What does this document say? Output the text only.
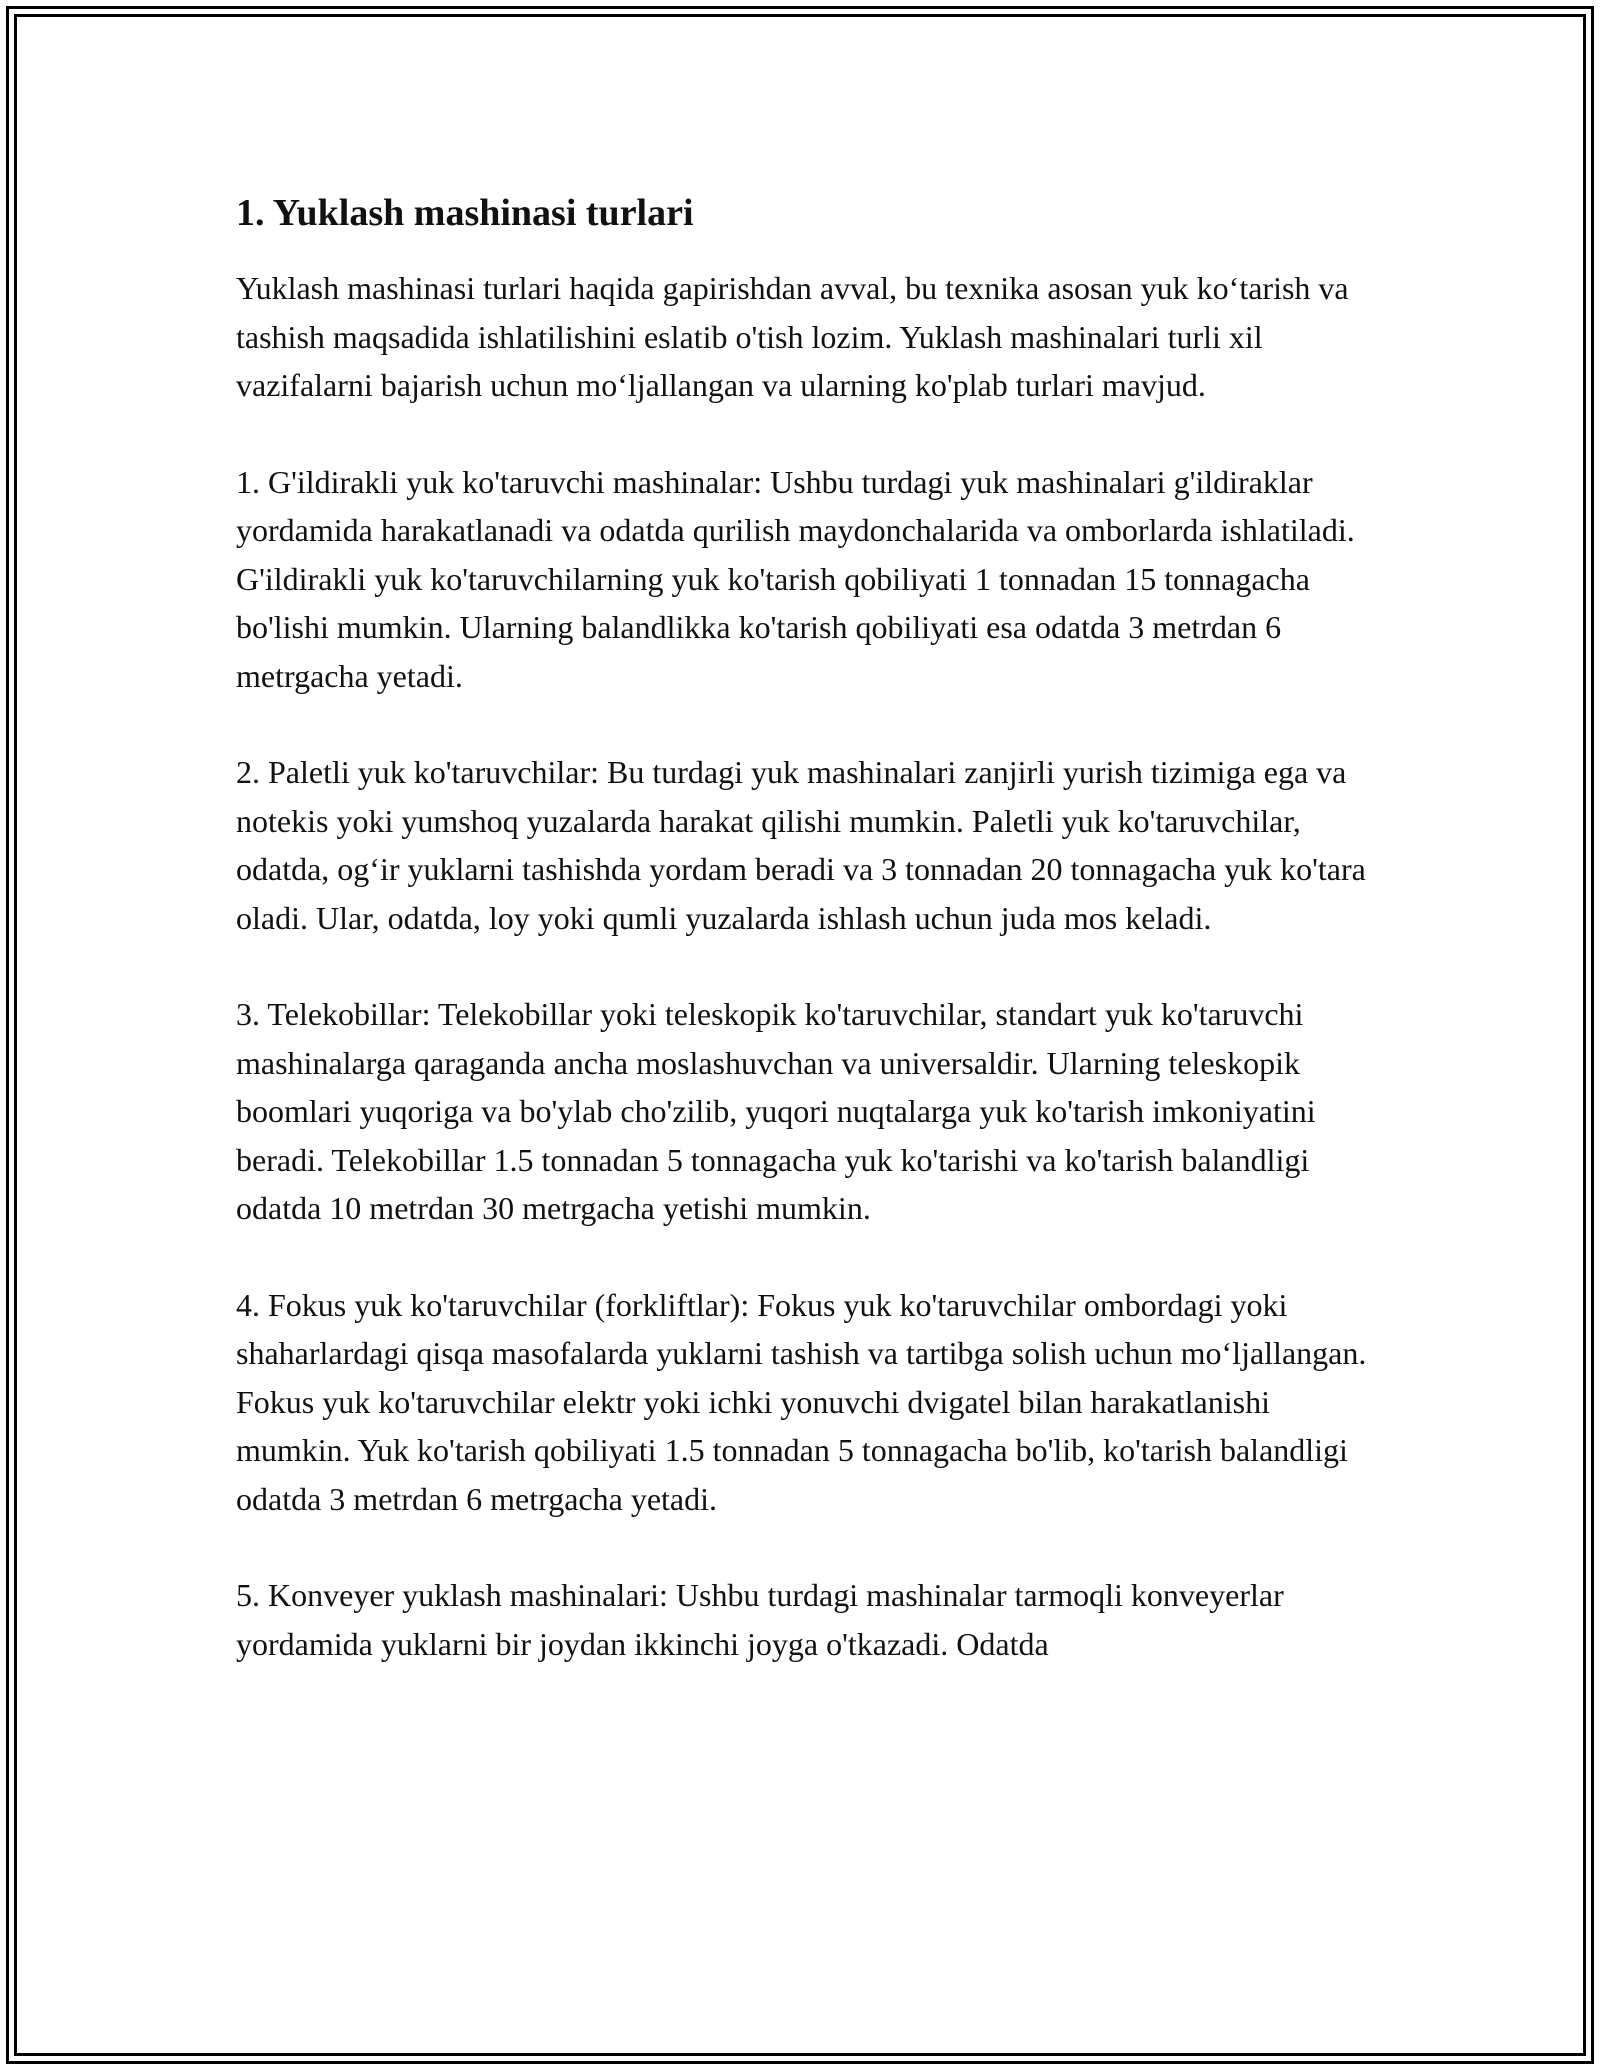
1. Yuklash mashinasi turlari

Yuklash mashinasi turlari haqida gapirishdan avval, bu texnika asosan yuk ko‘tarish va tashish maqsadida ishlatilishini eslatib o'tish lozim. Yuklash mashinalari turli xil vazifalarni bajarish uchun mo‘ljallangan va ularning ko'plab turlari mavjud.

1. G'ildirakli yuk ko'taruvchi mashinalar: Ushbu turdagi yuk mashinalari g'ildiraklar yordamida harakatlanadi va odatda qurilish maydonchalarida va omborlarda ishlatiladi. G'ildirakli yuk ko'taruvchilarning yuk ko'tarish qobiliyati 1 tonnadan 15 tonnagacha bo'lishi mumkin. Ularning balandlikka ko'tarish qobiliyati esa odatda 3 metrdan 6 metrgacha yetadi.

2. Paletli yuk ko'taruvchilar: Bu turdagi yuk mashinalari zanjirli yurish tizimiga ega va notekis yoki yumshoq yuzalarda harakat qilishi mumkin. Paletli yuk ko'taruvchilar, odatda, og‘ir yuklarni tashishda yordam beradi va 3 tonnadan 20 tonnagacha yuk ko'tara oladi. Ular, odatda, loy yoki qumli yuzalarda ishlash uchun juda mos keladi.

3. Telekobillar: Telekobillar yoki teleskopik ko'taruvchilar, standart yuk ko'taruvchi mashinalarga qaraganda ancha moslashuvchan va universaldir. Ularning teleskopik boomlari yuqoriga va bo'ylab cho'zilib, yuqori nuqtalarga yuk ko'tarish imkoniyatini beradi. Telekobillar 1.5 tonnadan 5 tonnagacha yuk ko'tarishi va ko'tarish balandligi odatda 10 metrdan 30 metrgacha yetishi mumkin.

4. Fokus yuk ko'taruvchilar (forkliftlar): Fokus yuk ko'taruvchilar ombordagi yoki shaharlardagi qisqa masofalarda yuklarni tashish va tartibga solish uchun mo‘ljallangan. Fokus yuk ko'taruvchilar elektr yoki ichki yonuvchi dvigatel bilan harakatlanishi mumkin. Yuk ko'tarish qobiliyati 1.5 tonnadan 5 tonnagacha bo'lib, ko'tarish balandligi odatda 3 metrdan 6 metrgacha yetadi.

5. Konveyer yuklash mashinalari: Ushbu turdagi mashinalar tarmoqli konveyerlar yordamida yuklarni bir joydan ikkinchi joyga o'tkazadi. Odatda
